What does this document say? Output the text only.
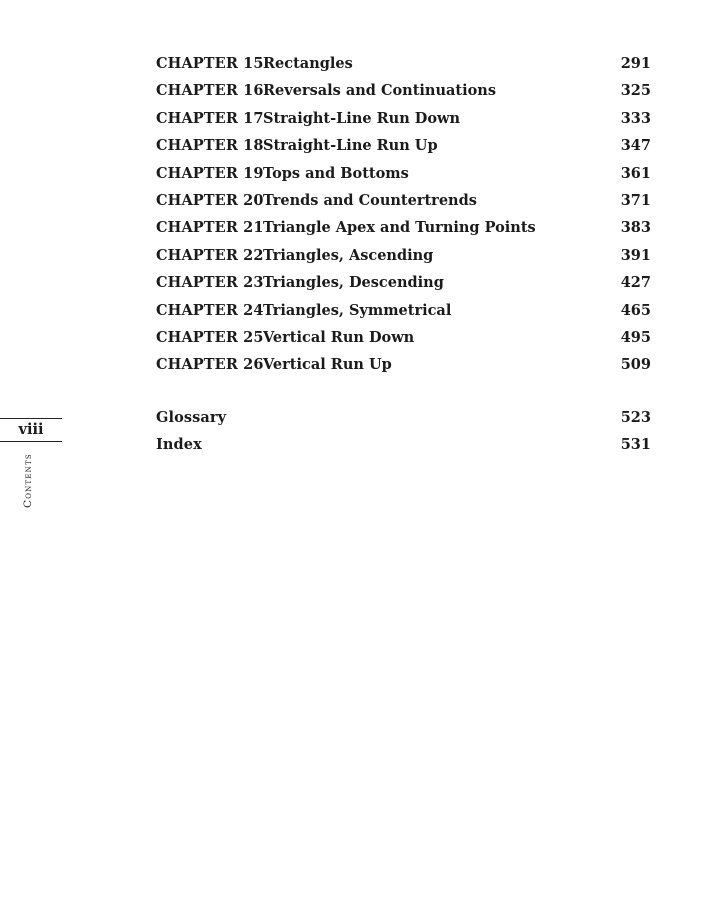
CHAPTER 15 Rectangles	291
CHAPTER 16 Reversals and Continuations	325
CHAPTER 17 Straight-Line Run Down	333
CHAPTER 18 Straight-Line Run Up	347
CHAPTER 19 Tops and Bottoms	361
CHAPTER 20 Trends and Countertrends	371
CHAPTER 21 Triangle Apex and Turning Points	383
CHAPTER 22 Triangles, Ascending	391
CHAPTER 23 Triangles, Descending	427
CHAPTER 24 Triangles, Symmetrical	465
CHAPTER 25 Vertical Run Down	495
CHAPTER 26 Vertical Run Up	509
Glossary	523
Index	531
viii
Contents
